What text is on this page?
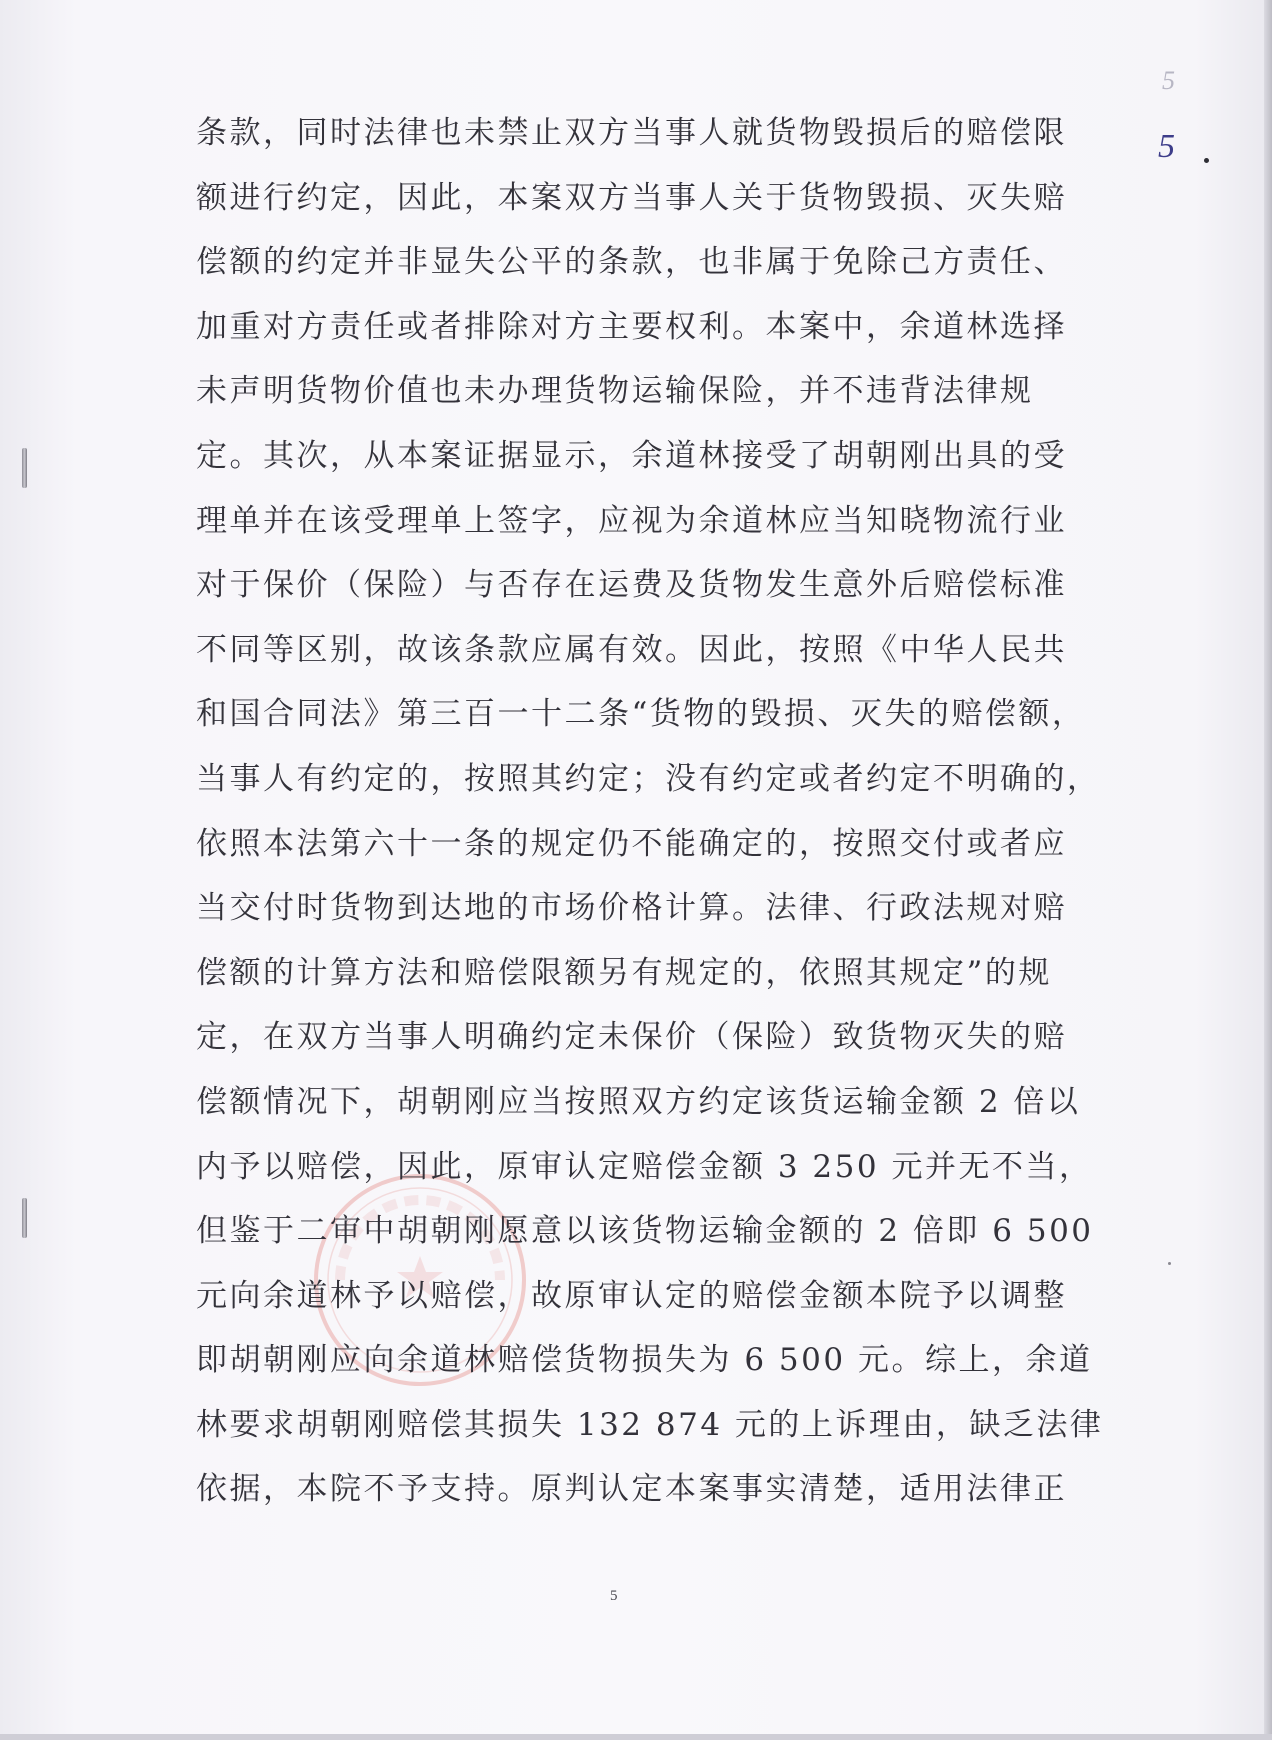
5
5
条款，同时法律也未禁止双方当事人就货物毁损后的赔偿限
额进行约定，因此，本案双方当事人关于货物毁损、灭失赔
偿额的约定并非显失公平的条款，也非属于免除己方责任、
加重对方责任或者排除对方主要权利。本案中，余道林选择
未声明货物价值也未办理货物运输保险，并不违背法律规
定。其次，从本案证据显示，余道林接受了胡朝刚出具的受
理单并在该受理单上签字，应视为余道林应当知晓物流行业
对于保价（保险）与否存在运费及货物发生意外后赔偿标准
不同等区别，故该条款应属有效。因此，按照《中华人民共
和国合同法》第三百一十二条“货物的毁损、灭失的赔偿额，
当事人有约定的，按照其约定；没有约定或者约定不明确的，
依照本法第六十一条的规定仍不能确定的，按照交付或者应
当交付时货物到达地的市场价格计算。法律、行政法规对赔
偿额的计算方法和赔偿限额另有规定的，依照其规定”的规
定，在双方当事人明确约定未保价（保险）致货物灭失的赔
偿额情况下，胡朝刚应当按照双方约定该货运输金额 2 倍以
内予以赔偿，因此，原审认定赔偿金额 3 250 元并无不当，
但鉴于二审中胡朝刚愿意以该货物运输金额的 2 倍即 6 500
元向余道林予以赔偿，故原审认定的赔偿金额本院予以调整
即胡朝刚应向余道林赔偿货物损失为 6 500 元。综上，余道
林要求胡朝刚赔偿其损失 132 874 元的上诉理由，缺乏法律
依据，本院不予支持。原判认定本案事实清楚，适用法律正
5
